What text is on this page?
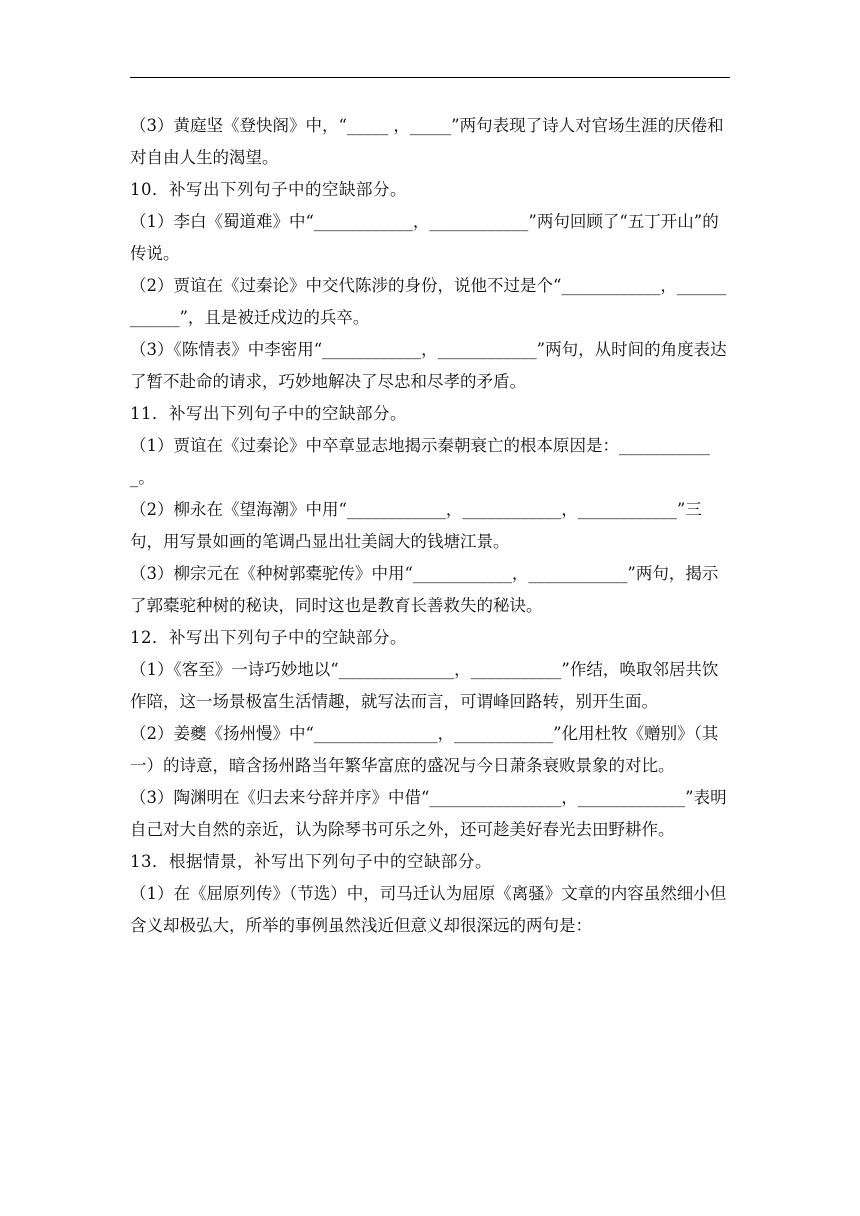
（3）黄庭坚《登快阁》中，“_____ ，_____”两句表现了诗人对官场生涯的厌倦和对自由人生的渴望。

10．补写出下列句子中的空缺部分。

（1）李白《蜀道难》中“____________，____________”两句回顾了“五丁开山”的传说。

（2）贾谊在《过秦论》中交代陈涉的身份，说他不过是个“____________，____________”，且是被迁戍边的兵卒。

（3）《陈情表》中李密用“____________，____________”两句，从时间的角度表达了暂不赴命的请求，巧妙地解决了尽忠和尽孝的矛盾。

11．补写出下列句子中的空缺部分。

（1）贾谊在《过秦论》中卒章显志地揭示秦朝衰亡的根本原因是：____________。

（2）柳永在《望海潮》中用“____________，____________，____________”三句，用写景如画的笔调凸显出壮美阔大的钱塘江景。

（3）柳宗元在《种树郭橐驼传》中用“____________，____________”两句，揭示了郭橐驼种树的秘诀，同时这也是教育长善救失的秘诀。

12．补写出下列句子中的空缺部分。

（1）《客至》一诗巧妙地以“______________，___________”作结，唤取邻居共饮作陪，这一场景极富生活情趣，就写法而言，可谓峰回路转，别开生面。

（2）姜夔《扬州慢》中“_______________，____________”化用杜牧《赠别》（其一）的诗意，暗含扬州路当年繁华富庶的盛况与今日萧条衰败景象的对比。

（3）陶渊明在《归去来兮辞并序》中借“________________，_____________”表明自己对大自然的亲近，认为除琴书可乐之外，还可趁美好春光去田野耕作。

13．根据情景，补写出下列句子中的空缺部分。

（1）在《屈原列传》（节选）中，司马迁认为屈原《离骚》文章的内容虽然细小但含义却极弘大，所举的事例虽然浅近但意义却很深远的两句是：
